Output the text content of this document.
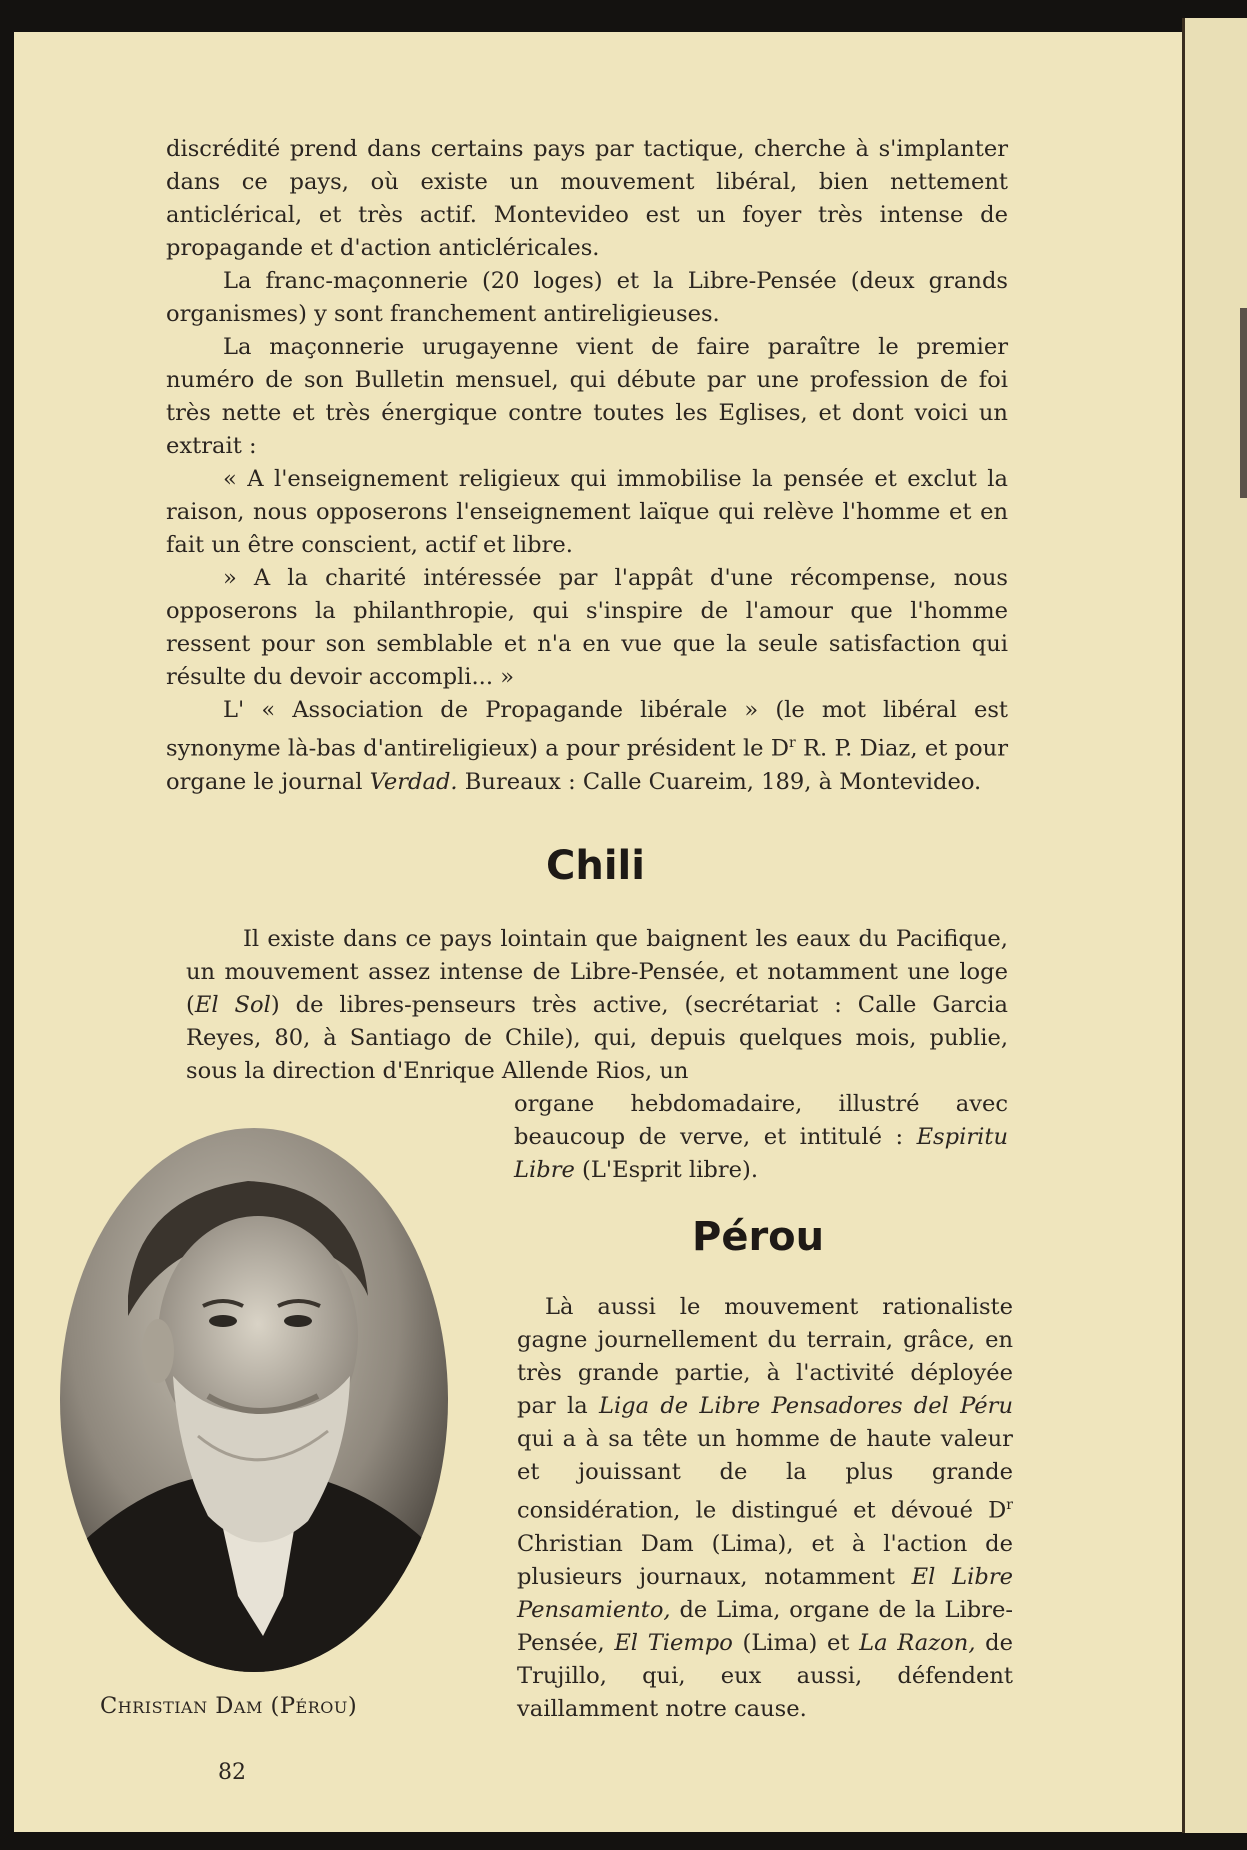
discrédité prend dans certains pays par tactique, cherche à s'implanter dans ce pays, où existe un mouvement libéral, bien nettement anticlérical, et très actif. Montevideo est un foyer très intense de propagande et d'action anticléricales.

La franc-maçonnerie (20 loges) et la Libre-Pensée (deux grands organismes) y sont franchement antireligieuses.

La maçonnerie urugayenne vient de faire paraître le premier numéro de son Bulletin mensuel, qui débute par une profession de foi très nette et très énergique contre toutes les Eglises, et dont voici un extrait :

« A l'enseignement religieux qui immobilise la pensée et exclut la raison, nous opposerons l'enseignement laïque qui relève l'homme et en fait un être conscient, actif et libre.

» A la charité intéressée par l'appât d'une récompense, nous opposerons la philanthropie, qui s'inspire de l'amour que l'homme ressent pour son semblable et n'a en vue que la seule satisfaction qui résulte du devoir accompli... »

L' « Association de Propagande libérale » (le mot libéral est synonyme là-bas d'antireligieux) a pour président le $D^r$ R. P. Diaz, et pour organe le journal Verdad. Bureaux : Calle Cuareim, 189, à Montevideo.

Chili

Il existe dans ce pays lointain que baignent les eaux du Pacifique, un mouvement assez intense de Libre-Pensée, et notamment une loge (El Sol) de libres-penseurs très active, (secrétariat : Calle Garcia Reyes, 80, à Santiago de Chile), qui, depuis quelques mois, publie, sous la direction d'Enrique Allende Rios, un

organe hebdomadaire, illustré avec beaucoup de verve, et intitulé : Espiritu Libre (L'Esprit libre).

Pérou

Là aussi le mouvement rationaliste gagne journellement du terrain, grâce, en très grande partie, à l'activité déployée par la Liga de Libre Pensadores del Péru qui a à sa tête un homme de haute valeur et jouissant de la plus grande considération, le distingué et dévoué $D^r$ Christian Dam (Lima), et à l'action de plusieurs journaux, notamment El Libre Pensamiento, de Lima, organe de la Libre-Pensée, El Tiempo (Lima) et La Razon, de Trujillo, qui, eux aussi, défendent vaillamment notre cause.

Christian Dam (Pérou)
82
